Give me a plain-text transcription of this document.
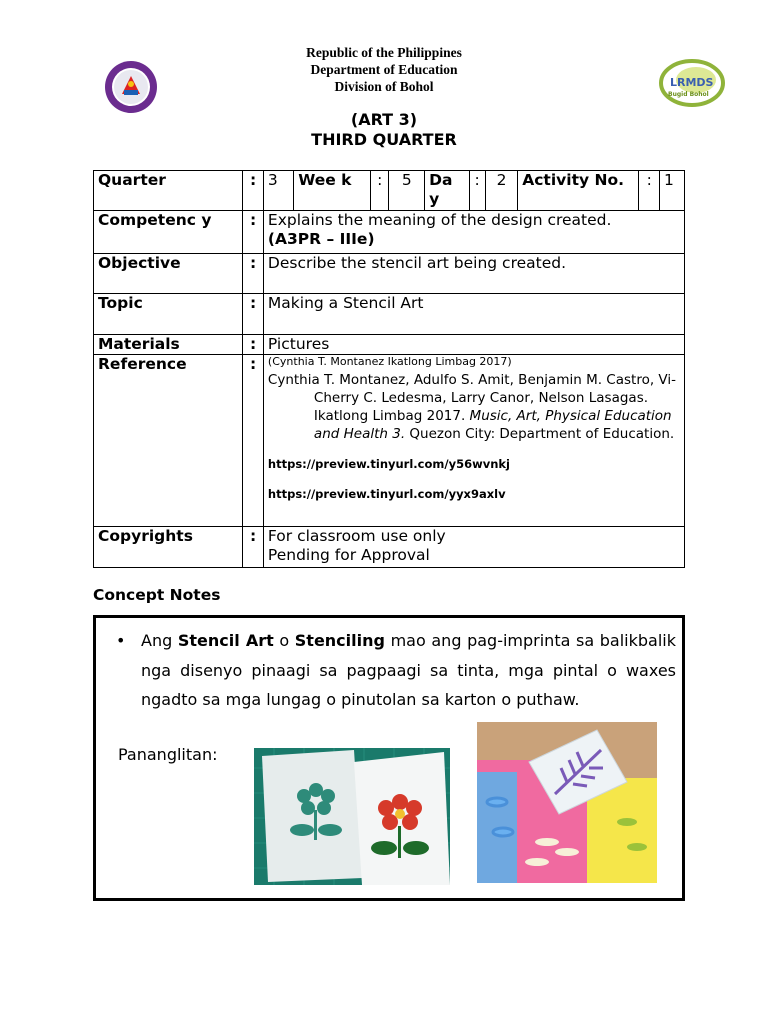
Republic of the Philippines
Department of Education
Division of Bohol	LRMDS
Bugid Bohol
(ART 3)
THIRD QUARTER
Quarter	:	3	Wee k	:	5	Da y	:	2	Activity No.	:	1
Competenc y	:	Explains the meaning of the design created.
(A3PR – IIIe)									
Objective	:	Describe the stencil art being created.									
Topic	:	Making a Stencil Art									
Materials	:	Pictures									
Reference	:	(Cynthia T. Montanez Ikatlong Limbag 2017)
Cynthia T. Montanez, Adulfo S. Amit, Benjamin M. Castro, Vi-Cherry C. Ledesma, Larry Canor, Nelson Lasagas. Ikatlong Limbag 2017. Music, Art, Physical Education and Health 3. Quezon City: Department of Education.
https://preview.tinyurl.com/y56wvnkj
https://preview.tinyurl.com/yyx9axlv									

Copyrights	:	For classroom use only
Pending for Approval									
Concept Notes
• Ang Stencil Art o Stenciling mao ang pag-imprinta sa balikbalik nga disenyo pinaagi sa pagpaagi sa tinta, mga pintal o waxes ngadto sa mga lungag o pinutolan sa karton o puthaw.
Pananglitan:
